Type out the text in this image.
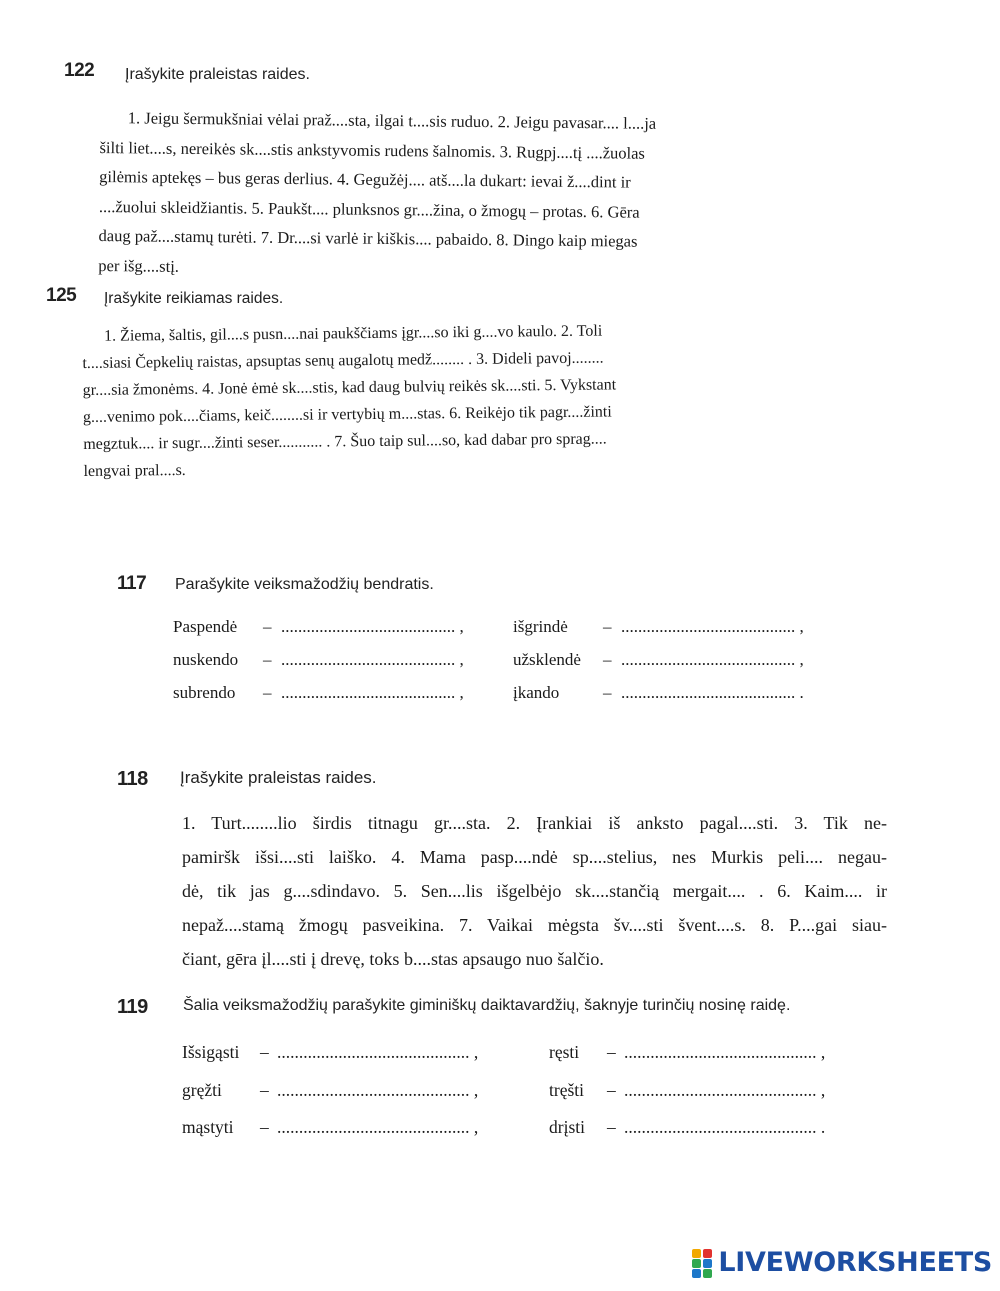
122 Įrašykite praleistas raides.

1. Jeigu šermukšniai vėlai praž....sta, ilgai t....sis ruduo. 2. Jeigu pavasar.... l....ja

šilti liet....s, nereikės sk....stis ankstyvomis rudens šalnomis. 3. Rugpj....tį ....žuolas

gilėmis aptekęs – bus geras derlius. 4. Gegužėj.... atš....la dukart: ievai ž....dint ir

....žuolui skleidžiantis. 5. Paukšt.... plunksnos gr....žina, o žmogų – protas. 6. Gēra

daug paž....stamų turėti. 7. Dr....si varlė ir kiškis.... pabaido. 8. Dingo kaip miegas

per išg....stį.

125 Įrašykite reikiamas raides.

1. Žiema, šaltis, gil....s pusn....nai paukščiams įgr....so iki g....vo kaulo. 2. Toli

t....siasi Čepkelių raistas, apsuptas senų augalotų medž........ . 3. Dideli pavoj........

gr....sia žmonėms. 4. Jonė ėmė sk....stis, kad daug bulvių reikės sk....sti. 5. Vykstant

g....venimo pok....čiams, keič........si ir vertybių m....stas. 6. Reikėjo tik pagr....žinti

megztuk.... ir sugr....žinti seser........... . 7. Šuo taip sul....so, kad dabar pro sprag....

lengvai pral....s.

117 Parašykite veiksmažodžių bendratis.
Paspendė – ......................................... ,	išgrindė – ......................................... ,
nuskendo – ......................................... ,	užsklendė – ......................................... ,
subrendo – ......................................... ,	įkando	– ......................................... .
118 Įrašykite praleistas raides.

1. Turt........lio širdis titnagu gr....sta. 2. Įrankiai iš anksto pagal....sti. 3. Tik ne-

pamiršk išsi....sti laiško. 4. Mama pasp....ndė sp....stelius, nes Murkis peli.... negau-

dė, tik jas g....sdindavo. 5. Sen....lis išgelbėjo sk....stančią mergait.... . 6. Kaim.... ir

nepaž....stamą žmogų pasveikina. 7. Vaikai mėgsta šv....sti švent....s. 8. P....gai siau-

čiant, gēra įl....sti į drevę, toks b....stas apsaugo nuo šalčio.

119 Šalia veiksmažodžių parašykite giminiškų daiktavardžių, šaknyje turinčių nosinę raidę.
Išsigąsti – ............................................ ,	ręsti – ............................................ ,
gręžti – ............................................ ,	tręšti – ............................................ ,
mąstyti – ............................................ ,	drįsti – ............................................ .
LIVEWORKSHEETS
